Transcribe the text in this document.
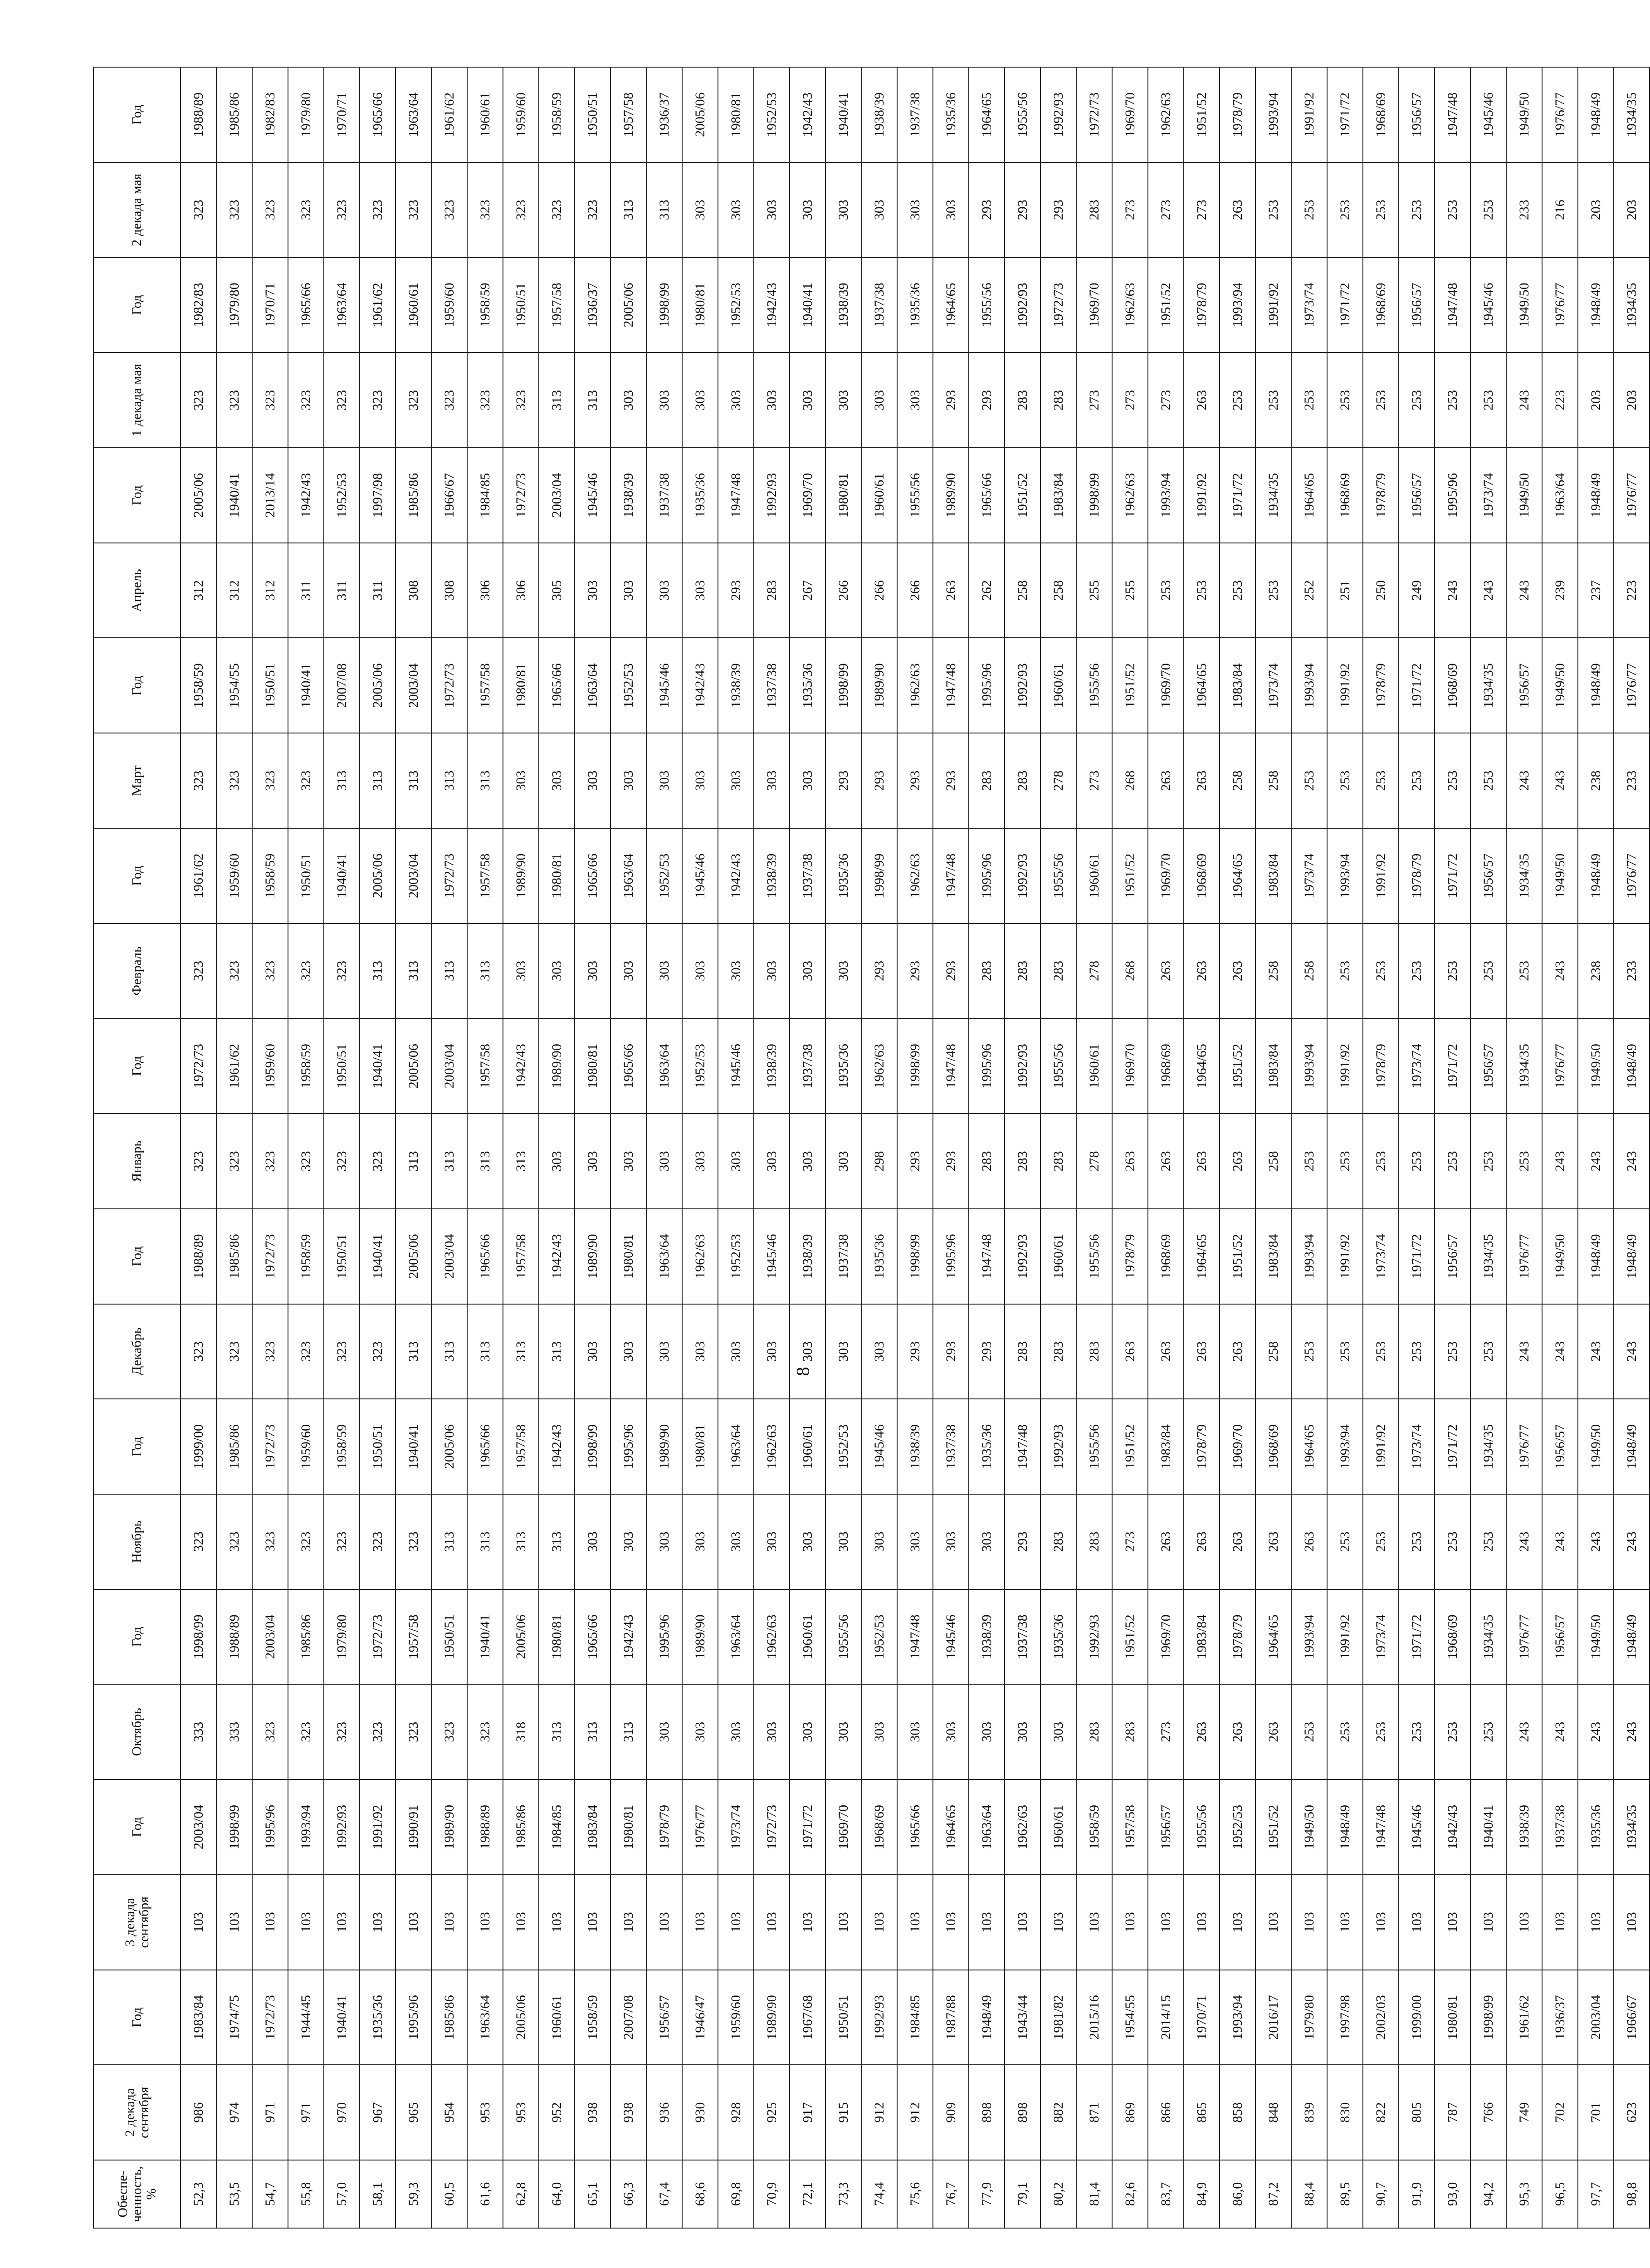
8
Обеспе-ченность, %	2 декада сентября	Год	3 декада сентября	Год	Октябрь	Год	Ноябрь	Год	Декабрь	Год	Январь	Год	Февраль	Год	Март	Год	Апрель	Год	1 декада мая	Год	2 декада мая	Год
52,3	986	1983/84	103	2003/04	333	1998/99	323	1999/00	323	1988/89	323	1972/73	323	1961/62	323	1958/59	312	2005/06	323	1982/83	323	1988/89
53,5	974	1974/75	103	1998/99	333	1988/89	323	1985/86	323	1985/86	323	1961/62	323	1959/60	323	1954/55	312	1940/41	323	1979/80	323	1985/86
54,7	971	1972/73	103	1995/96	323	2003/04	323	1972/73	323	1972/73	323	1959/60	323	1958/59	323	1950/51	312	2013/14	323	1970/71	323	1982/83
55,8	971	1944/45	103	1993/94	323	1985/86	323	1959/60	323	1958/59	323	1958/59	323	1950/51	323	1940/41	311	1942/43	323	1965/66	323	1979/80
57,0	970	1940/41	103	1992/93	323	1979/80	323	1958/59	323	1950/51	323	1950/51	323	1940/41	313	2007/08	311	1952/53	323	1963/64	323	1970/71
58,1	967	1935/36	103	1991/92	323	1972/73	323	1950/51	323	1940/41	323	1940/41	313	2005/06	313	2005/06	311	1997/98	323	1961/62	323	1965/66
59,3	965	1995/96	103	1990/91	323	1957/58	323	1940/41	313	2005/06	313	2005/06	313	2003/04	313	2003/04	308	1985/86	323	1960/61	323	1963/64
60,5	954	1985/86	103	1989/90	323	1950/51	313	2005/06	313	2003/04	313	2003/04	313	1972/73	313	1972/73	308	1966/67	323	1959/60	323	1961/62
61,6	953	1963/64	103	1988/89	323	1940/41	313	1965/66	313	1965/66	313	1957/58	313	1957/58	313	1957/58	306	1984/85	323	1958/59	323	1960/61
62,8	953	2005/06	103	1985/86	318	2005/06	313	1957/58	313	1957/58	313	1942/43	303	1989/90	303	1980/81	306	1972/73	323	1950/51	323	1959/60
64,0	952	1960/61	103	1984/85	313	1980/81	313	1942/43	313	1942/43	303	1989/90	303	1980/81	303	1965/66	305	2003/04	313	1957/58	323	1958/59
65,1	938	1958/59	103	1983/84	313	1965/66	303	1998/99	303	1989/90	303	1980/81	303	1965/66	303	1963/64	303	1945/46	313	1936/37	323	1950/51
66,3	938	2007/08	103	1980/81	313	1942/43	303	1995/96	303	1980/81	303	1965/66	303	1963/64	303	1952/53	303	1938/39	303	2005/06	313	1957/58
67,4	936	1956/57	103	1978/79	303	1995/96	303	1989/90	303	1963/64	303	1963/64	303	1952/53	303	1945/46	303	1937/38	303	1998/99	313	1936/37
68,6	930	1946/47	103	1976/77	303	1989/90	303	1980/81	303	1962/63	303	1952/53	303	1945/46	303	1942/43	303	1935/36	303	1980/81	303	2005/06
69,8	928	1959/60	103	1973/74	303	1963/64	303	1963/64	303	1952/53	303	1945/46	303	1942/43	303	1938/39	293	1947/48	303	1952/53	303	1980/81
70,9	925	1989/90	103	1972/73	303	1962/63	303	1962/63	303	1945/46	303	1938/39	303	1938/39	303	1937/38	283	1992/93	303	1942/43	303	1952/53
72,1	917	1967/68	103	1971/72	303	1960/61	303	1960/61	303	1938/39	303	1937/38	303	1937/38	303	1935/36	267	1969/70	303	1940/41	303	1942/43
73,3	915	1950/51	103	1969/70	303	1955/56	303	1952/53	303	1937/38	303	1935/36	303	1935/36	293	1998/99	266	1980/81	303	1938/39	303	1940/41
74,4	912	1992/93	103	1968/69	303	1952/53	303	1945/46	303	1935/36	298	1962/63	293	1998/99	293	1989/90	266	1960/61	303	1937/38	303	1938/39
75,6	912	1984/85	103	1965/66	303	1947/48	303	1938/39	293	1998/99	293	1998/99	293	1962/63	293	1962/63	266	1955/56	303	1935/36	303	1937/38
76,7	909	1987/88	103	1964/65	303	1945/46	303	1937/38	293	1995/96	293	1947/48	293	1947/48	293	1947/48	263	1989/90	293	1964/65	303	1935/36
77,9	898	1948/49	103	1963/64	303	1938/39	303	1935/36	293	1947/48	283	1995/96	283	1995/96	283	1995/96	262	1965/66	293	1955/56	293	1964/65
79,1	898	1943/44	103	1962/63	303	1937/38	293	1947/48	283	1992/93	283	1992/93	283	1992/93	283	1992/93	258	1951/52	283	1992/93	293	1955/56
80,2	882	1981/82	103	1960/61	303	1935/36	283	1992/93	283	1960/61	283	1955/56	283	1955/56	278	1960/61	258	1983/84	283	1972/73	293	1992/93
81,4	871	2015/16	103	1958/59	283	1992/93	283	1955/56	283	1955/56	278	1960/61	278	1960/61	273	1955/56	255	1998/99	273	1969/70	283	1972/73
82,6	869	1954/55	103	1957/58	283	1951/52	273	1951/52	263	1978/79	263	1969/70	268	1951/52	268	1951/52	255	1962/63	273	1962/63	273	1969/70
83,7	866	2014/15	103	1956/57	273	1969/70	263	1983/84	263	1968/69	263	1968/69	263	1969/70	263	1969/70	253	1993/94	273	1951/52	273	1962/63
84,9	865	1970/71	103	1955/56	263	1983/84	263	1978/79	263	1964/65	263	1964/65	263	1968/69	263	1964/65	253	1991/92	263	1978/79	273	1951/52
86,0	858	1993/94	103	1952/53	263	1978/79	263	1969/70	263	1951/52	263	1951/52	263	1964/65	258	1983/84	253	1971/72	253	1993/94	263	1978/79
87,2	848	2016/17	103	1951/52	263	1964/65	263	1968/69	258	1983/84	258	1983/84	258	1983/84	258	1973/74	253	1934/35	253	1991/92	253	1993/94
88,4	839	1979/80	103	1949/50	253	1993/94	263	1964/65	253	1993/94	253	1993/94	258	1973/74	253	1993/94	252	1964/65	253	1973/74	253	1991/92
89,5	830	1997/98	103	1948/49	253	1991/92	253	1993/94	253	1991/92	253	1991/92	253	1993/94	253	1991/92	251	1968/69	253	1971/72	253	1971/72
90,7	822	2002/03	103	1947/48	253	1973/74	253	1991/92	253	1973/74	253	1978/79	253	1991/92	253	1978/79	250	1978/79	253	1968/69	253	1968/69
91,9	805	1999/00	103	1945/46	253	1971/72	253	1973/74	253	1971/72	253	1973/74	253	1978/79	253	1971/72	249	1956/57	253	1956/57	253	1956/57
93,0	787	1980/81	103	1942/43	253	1968/69	253	1971/72	253	1956/57	253	1971/72	253	1971/72	253	1968/69	243	1995/96	253	1947/48	253	1947/48
94,2	766	1998/99	103	1940/41	253	1934/35	253	1934/35	253	1934/35	253	1956/57	253	1956/57	253	1934/35	243	1973/74	253	1945/46	253	1945/46
95,3	749	1961/62	103	1938/39	243	1976/77	243	1976/77	243	1976/77	253	1934/35	253	1934/35	243	1956/57	243	1949/50	243	1949/50	233	1949/50
96,5	702	1936/37	103	1937/38	243	1956/57	243	1956/57	243	1949/50	243	1976/77	243	1949/50	243	1949/50	239	1963/64	223	1976/77	216	1976/77
97,7	701	2003/04	103	1935/36	243	1949/50	243	1949/50	243	1948/49	243	1949/50	238	1948/49	238	1948/49	237	1948/49	203	1948/49	203	1948/49
98,8	623	1966/67	103	1934/35	243	1948/49	243	1948/49	243	1948/49	243	1948/49	233	1976/77	233	1976/77	223	1976/77	203	1934/35	203	1934/35
